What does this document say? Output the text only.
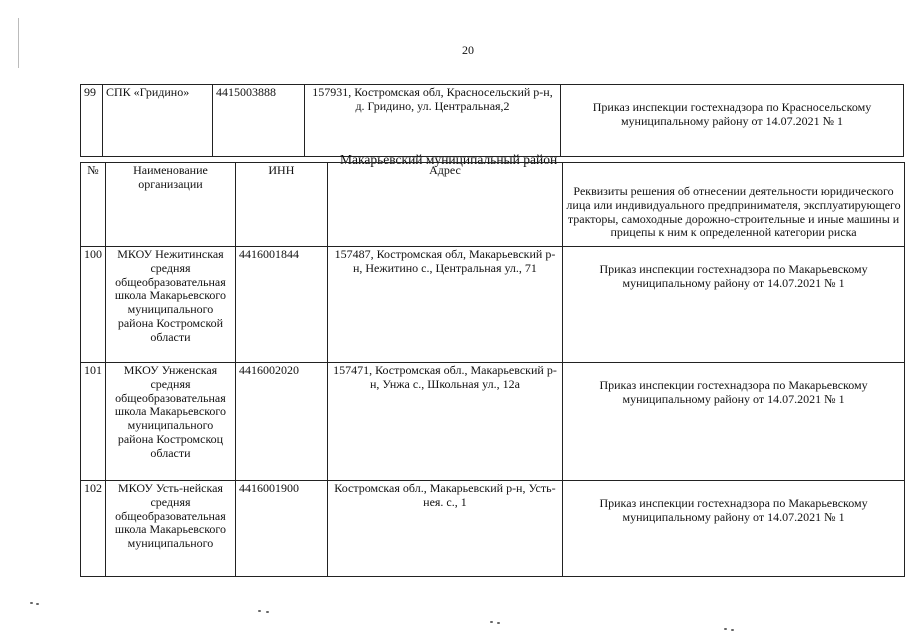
20
99	СПК «Гридино»	4415003888	157931, Костромская обл, Красносельский р-н, д. Гридино, ул. Центральная,2	Приказ инспекции гостехнадзора по Красносельскому муниципальному району от 14.07.2021 № 1
Макарьевский муниципальный район
№	Наименование организации	ИНН	Адрес	Реквизиты решения об отнесении деятельности юридического лица или индивидуального предпринимателя, эксплуатирующего тракторы, самоходные дорожно-строительные и иные машины и прицепы к ним к определенной категории риска
100	МКОУ Нежитинская средняя общеобразовательная школа Макарьевского муниципального района Костромской области	4416001844	157487, Костромская обл, Макарьевский р-н, Нежитино с., Центральная ул., 71	Приказ инспекции гостехнадзора по Макарьевскому муниципальному району от 14.07.2021 № 1
101	МКОУ Унженская средняя общеобразовательная школа Макарьевского муниципального района Костромскоц области	4416002020	157471, Костромская обл., Макарьевский р-н, Унжа с., Школьная ул., 12а	Приказ инспекции гостехнадзора по Макарьевскому муниципальному району от 14.07.2021 № 1
102	МКОУ Усть-нейская средняя общеобразовательная школа Макарьевского муниципального	4416001900	Костромская обл., Макарьевский р-н, Усть-нея. с., 1	Приказ инспекции гостехнадзора по Макарьевскому муниципальному району от 14.07.2021 № 1
